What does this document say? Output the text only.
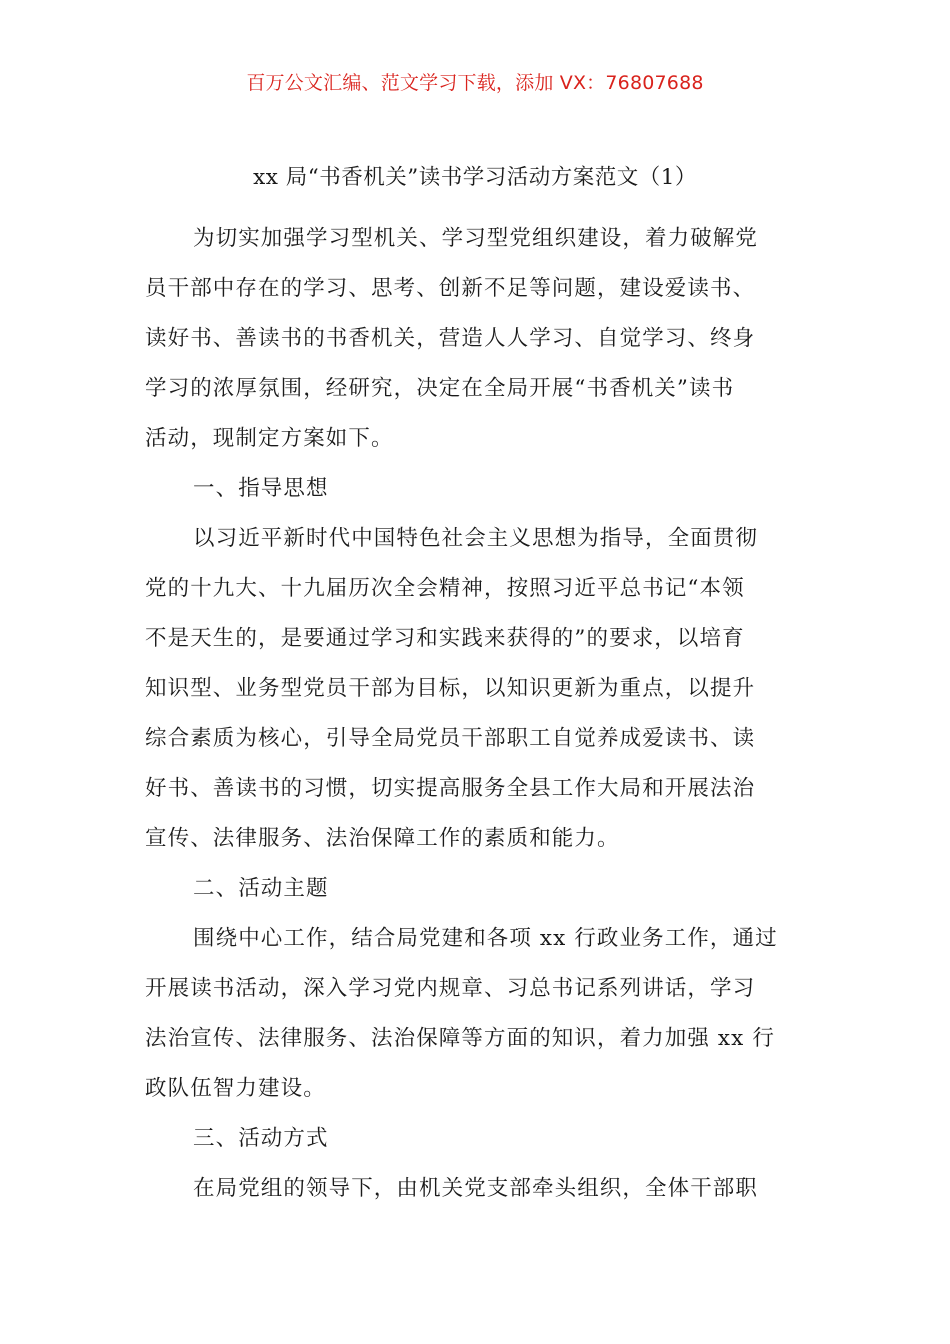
百万公文汇编、范文学习下载，添加 VX：76807688
xx 局“书香机关”读书学习活动方案范文（1）
为切实加强学习型机关、学习型党组织建设，着力破解党
员干部中存在的学习、思考、创新不足等问题，建设爱读书、
读好书、善读书的书香机关，营造人人学习、自觉学习、终身
学习的浓厚氛围，经研究，决定在全局开展“书香机关”读书
活动，现制定方案如下。
一、指导思想
以习近平新时代中国特色社会主义思想为指导，全面贯彻
党的十九大、十九届历次全会精神，按照习近平总书记“本领
不是天生的，是要通过学习和实践来获得的”的要求，以培育
知识型、业务型党员干部为目标，以知识更新为重点，以提升
综合素质为核心，引导全局党员干部职工自觉养成爱读书、读
好书、善读书的习惯，切实提高服务全县工作大局和开展法治
宣传、法律服务、法治保障工作的素质和能力。
二、活动主题
围绕中心工作，结合局党建和各项 xx 行政业务工作，通过
开展读书活动，深入学习党内规章、习总书记系列讲话，学习
法治宣传、法律服务、法治保障等方面的知识，着力加强 xx 行
政队伍智力建设。
三、活动方式
在局党组的领导下，由机关党支部牵头组织，全体干部职
